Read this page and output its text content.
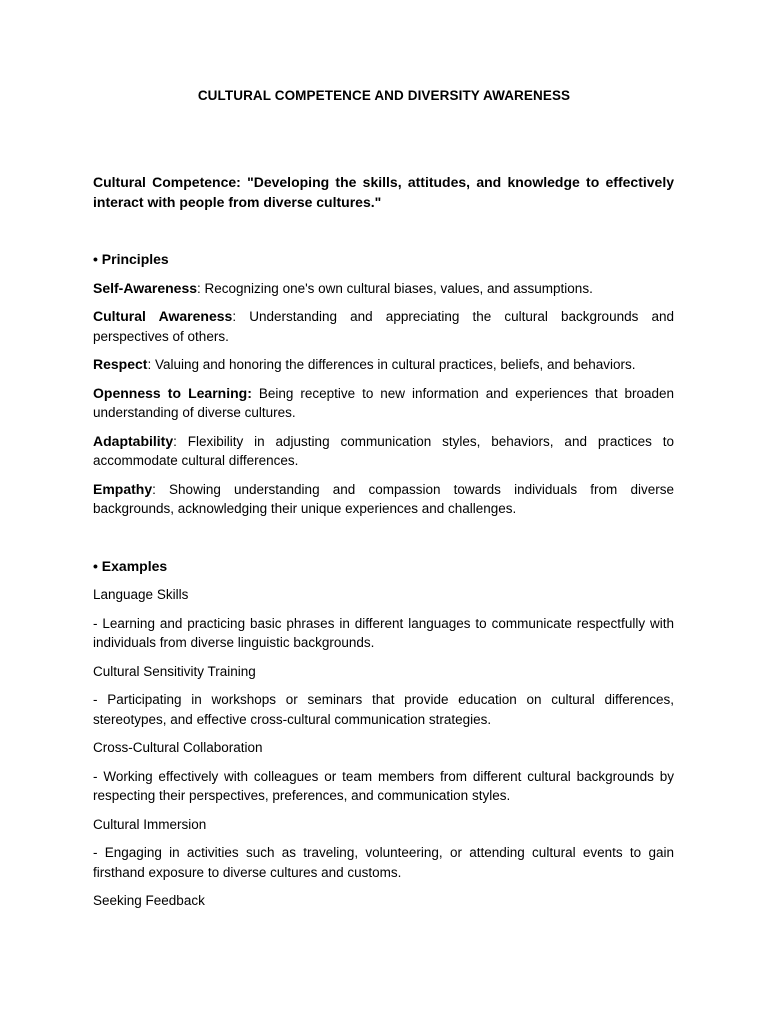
CULTURAL COMPETENCE AND DIVERSITY AWARENESS

Cultural Competence: "Developing the skills, attitudes, and knowledge to effectively interact with people from diverse cultures."

• Principles

Self-Awareness: Recognizing one's own cultural biases, values, and assumptions.

Cultural Awareness: Understanding and appreciating the cultural backgrounds and perspectives of others.

Respect: Valuing and honoring the differences in cultural practices, beliefs, and behaviors.

Openness to Learning: Being receptive to new information and experiences that broaden understanding of diverse cultures.

Adaptability: Flexibility in adjusting communication styles, behaviors, and practices to accommodate cultural differences.

Empathy: Showing understanding and compassion towards individuals from diverse backgrounds, acknowledging their unique experiences and challenges.

• Examples

Language Skills

- Learning and practicing basic phrases in different languages to communicate respectfully with individuals from diverse linguistic backgrounds.

Cultural Sensitivity Training

- Participating in workshops or seminars that provide education on cultural differences, stereotypes, and effective cross-cultural communication strategies.

Cross-Cultural Collaboration

- Working effectively with colleagues or team members from different cultural backgrounds by respecting their perspectives, preferences, and communication styles.

Cultural Immersion

- Engaging in activities such as traveling, volunteering, or attending cultural events to gain firsthand exposure to diverse cultures and customs.

Seeking Feedback
